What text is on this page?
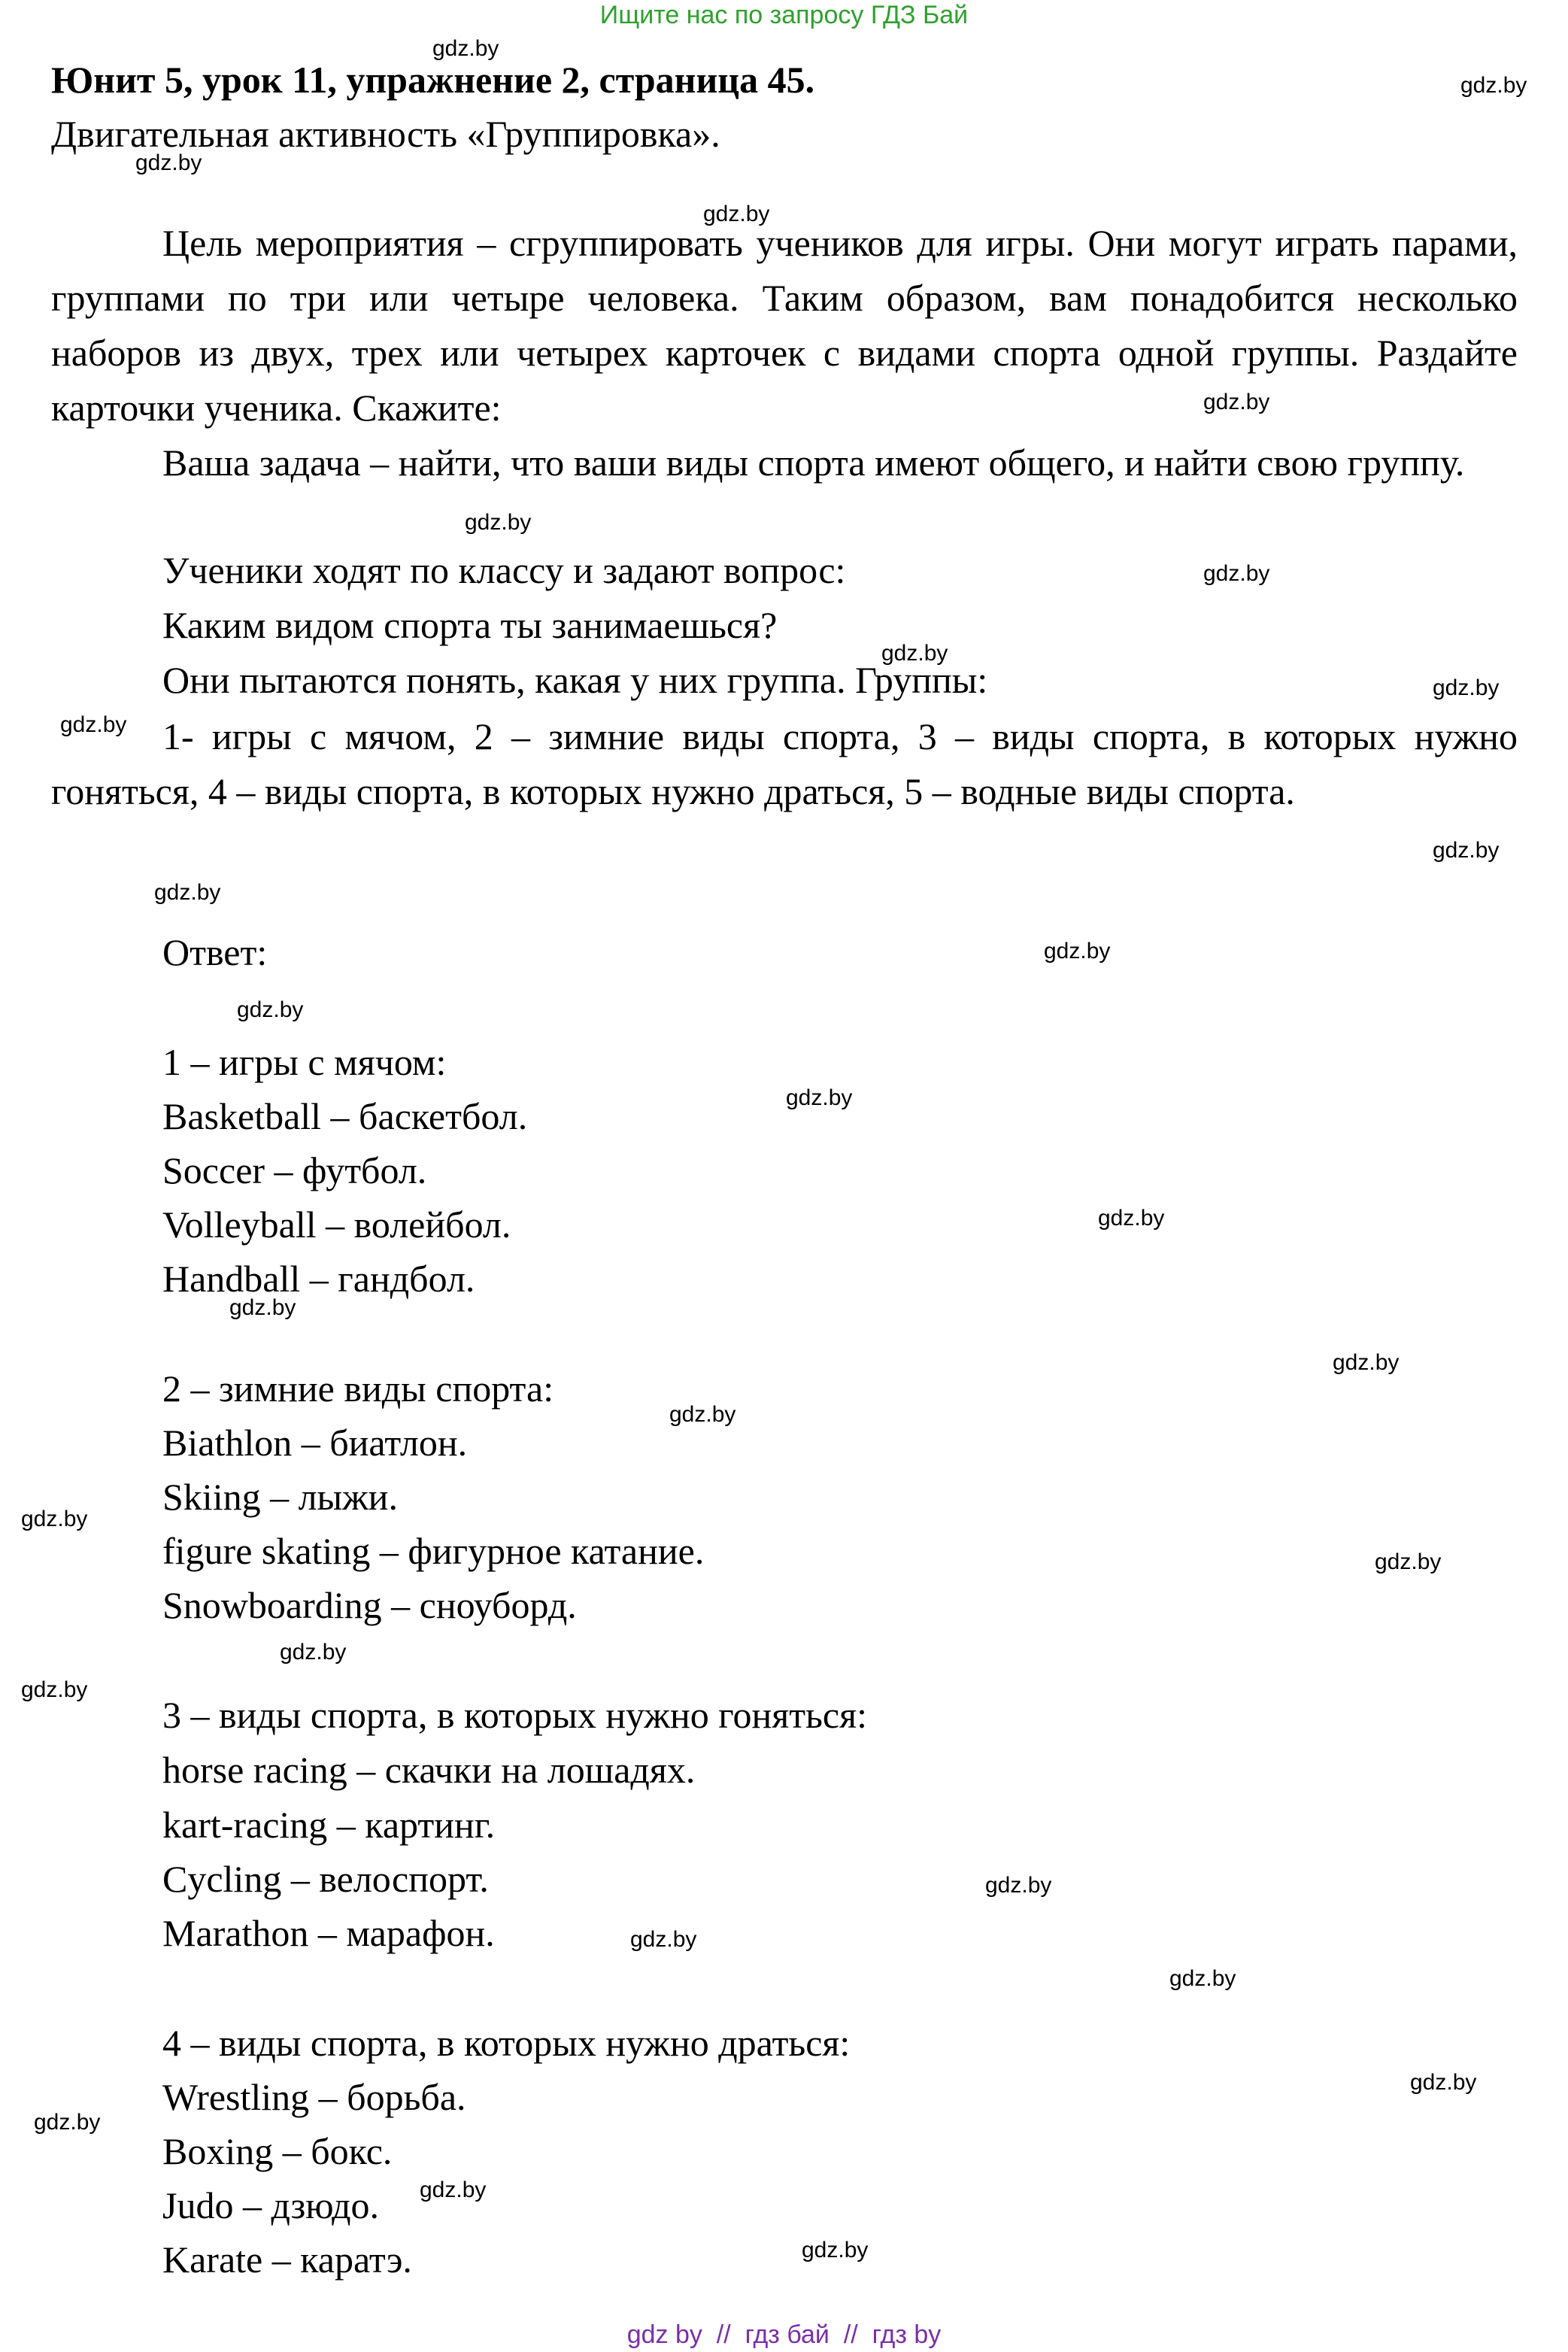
Ищите нас по запросу ГДЗ Бай
Юнит 5, урок 11, упражнение 2, страница 45.
Двигательная активность «Группировка».

Цель мероприятия – сгруппировать учеников для игры. Они могут играть парами, группами по три или четыре человека. Таким образом, вам понадобится несколько наборов из двух, трех или четырех карточек с видами спорта одной группы. Раздайте карточки ученика. Скажите:

Ваша задача – найти, что ваши виды спорта имеют общего, и найти свою группу.

Ученики ходят по классу и задают вопрос:
Каким видом спорта ты занимаешься?
Они пытаются понять, какая у них группа. Группы:

1- игры с мячом, 2 – зимние виды спорта, 3 – виды спорта, в которых нужно гоняться, 4 – виды спорта, в которых нужно драться, 5 – водные виды спорта.

Ответ:
1 – игры с мячом:
Basketball – баскетбол.
Soccer – футбол.
Volleyball – волейбол.
Handball – гандбол.
2 – зимние виды спорта:
Biathlon – биатлон.
Skiing – лыжи.
figure skating – фигурное катание.
Snowboarding – сноуборд.
3 – виды спорта, в которых нужно гоняться:
horse racing – скачки на лошадях.
kart-racing – картинг.
Cycling – велоспорт.
Marathon – марафон.
4 – виды спорта, в которых нужно драться:
Wrestling – борьба.
Boxing – бокс.
Judo – дзюдо.
Karate – каратэ.
gdz.by
gdz.by
gdz.by
gdz.by
gdz.by
gdz.by
gdz.by
gdz.by
gdz.by
gdz.by
gdz.by
gdz.by
gdz.by
gdz.by
gdz.by
gdz.by
gdz.by
gdz.by
gdz.by
gdz.by
gdz.by
gdz.by
gdz.by
gdz.by
gdz.by
gdz.by
gdz.by
gdz.by
gdz.by
gdz.by
gdz by  //  гдз бай  //  гдз by
